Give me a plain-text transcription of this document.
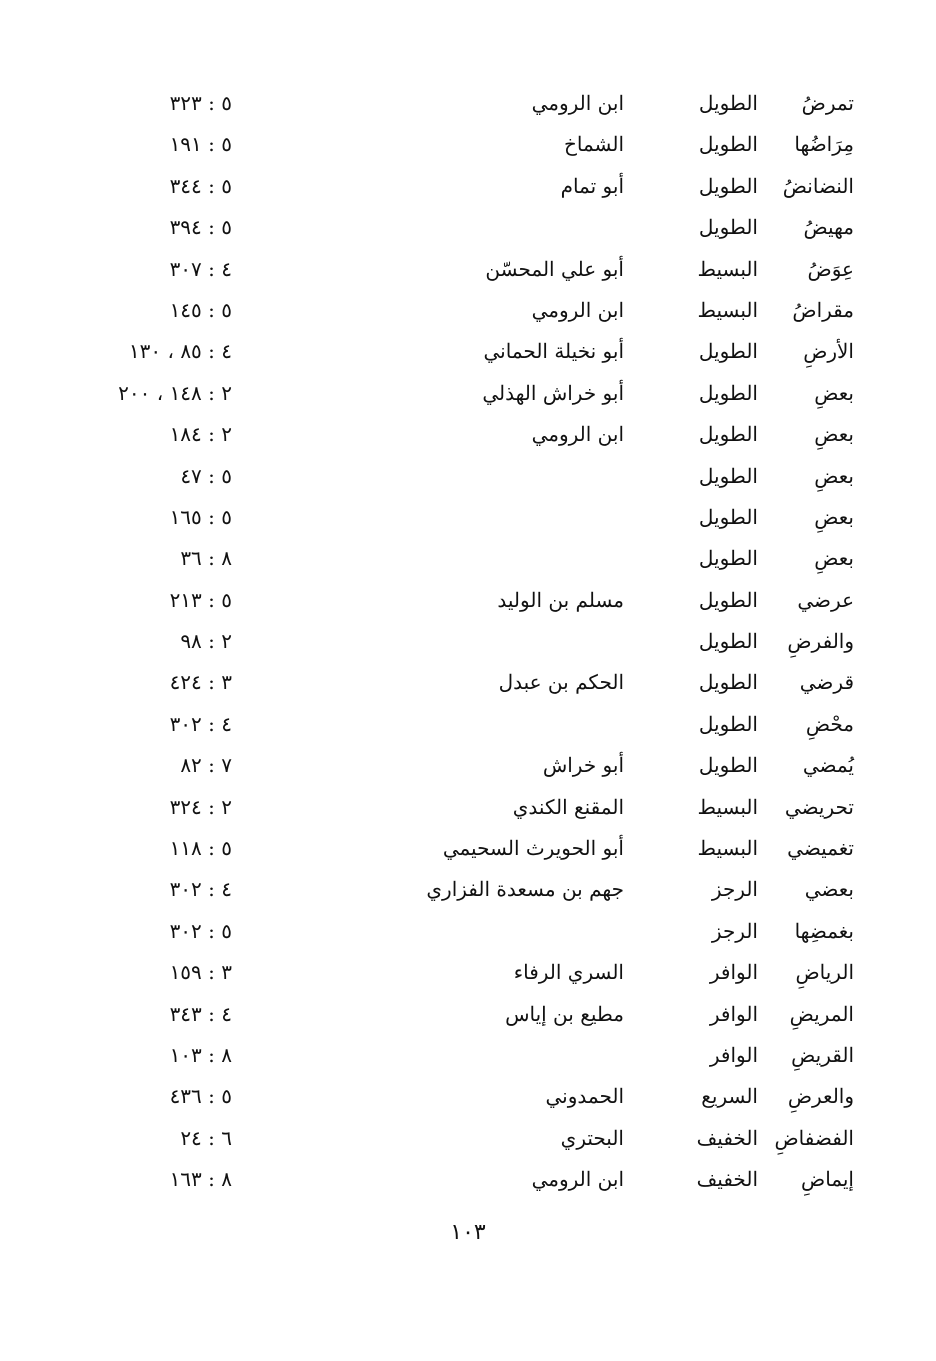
تمرضُ
الطويل
ابن الرومي
٥ : ٣٢٣
مِرَاضُها
الطويل
الشماخ
٥ : ١٩١
النضانضُ
الطويل
أبو تمام
٥ : ٣٤٤
مهيضُ
الطويل
٥ : ٣٩٤
عِوَضُ
البسيط
أبو علي المحسّن
٤ : ٣٠٧
مقراضُ
البسيط
ابن الرومي
٥ : ١٤٥
الأرضِ
الطويل
أبو نخيلة الحماني
٤ : ٨٥ ، ١٣٠
بعضِ
الطويل
أبو خراش الهذلي
٢ : ١٤٨ ، ٢٠٠
بعضِ
الطويل
ابن الرومي
٢ : ١٨٤
بعضِ
الطويل
٥ : ٤٧
بعضِ
الطويل
٥ : ١٦٥
بعضِ
الطويل
٨ : ٣٦
عرضي
الطويل
مسلم بن الوليد
٥ : ٢١٣
والفرضِ
الطويل
٢ : ٩٨
قرضي
الطويل
الحكم بن عبدل
٣ : ٤٢٤
محْضِ
الطويل
٤ : ٣٠٢
يُمضي
الطويل
أبو خراش
٧ : ٨٢
تحريضي
البسيط
المقنع الكندي
٢ : ٣٢٤
تغميضي
البسيط
أبو الحويرث السحيمي
٥ : ١١٨
بعضي
الرجز
جهم بن مسعدة الفزاري
٤ : ٣٠٢
بغمضِها
الرجز
٥ : ٣٠٢
الرياضِ
الوافر
السري الرفاء
٣ : ١٥٩
المريضِ
الوافر
مطيع بن إياس
٤ : ٣٤٣
القريضِ
الوافر
٨ : ١٠٣
والعرضِ
السريع
الحمدوني
٥ : ٤٣٦
الفضفاضِ
الخفيف
البحتري
٦ : ٢٤
إيماضِ
الخفيف
ابن الرومي
٨ : ١٦٣
١٠٣
